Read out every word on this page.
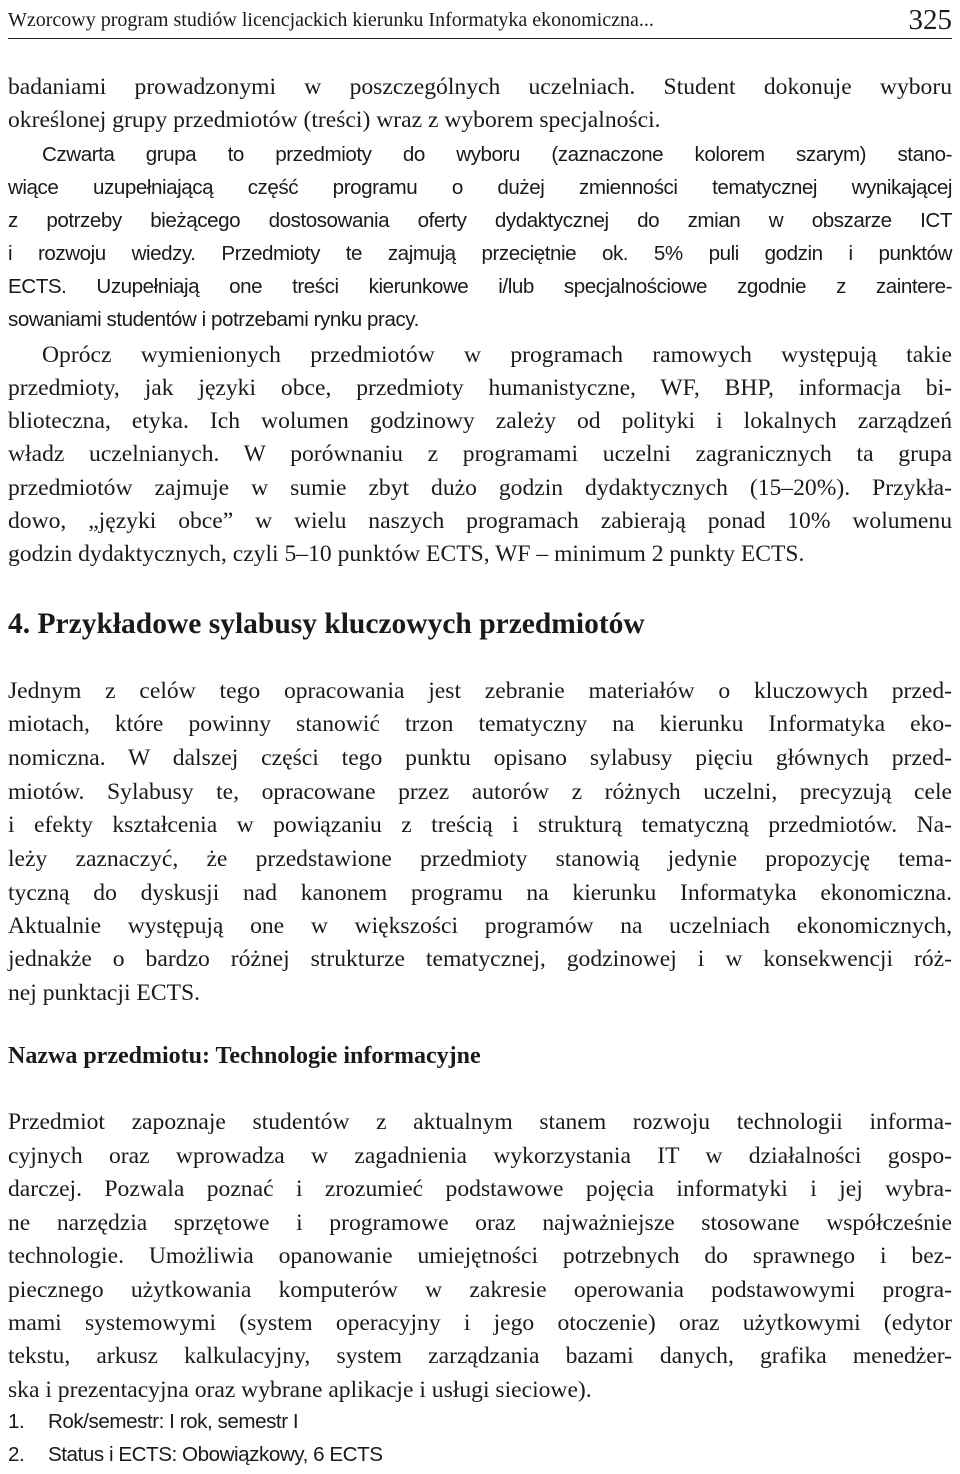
Wzorcowy program studiów licencjackich kierunku Informatyka ekonomiczna...	325
badaniami prowadzonymi w poszczególnych uczelniach. Student dokonuje wyboru
określonej grupy przedmiotów (treści) wraz z wyborem specjalności.
Czwarta grupa to przedmioty do wyboru (zaznaczone kolorem szarym) stano-
wiące uzupełniającą część programu o dużej zmienności tematycznej wynikającej
z potrzeby bieżącego dostosowania oferty dydaktycznej do zmian w obszarze ICT
i rozwoju wiedzy. Przedmioty te zajmują przeciętnie ok. 5% puli godzin i punktów
ECTS. Uzupełniają one treści kierunkowe i/lub specjalnościowe zgodnie z zaintere-
sowaniami studentów i potrzebami rynku pracy.
Oprócz wymienionych przedmiotów w programach ramowych występują takie
przedmioty, jak języki obce, przedmioty humanistyczne, WF, BHP, informacja bi-
blioteczna, etyka. Ich wolumen godzinowy zależy od polityki i lokalnych zarządzeń
władz uczelnianych. W porównaniu z programami uczelni zagranicznych ta grupa
przedmiotów zajmuje w sumie zbyt dużo godzin dydaktycznych (15–20%). Przykła-
dowo, „języki obce” w wielu naszych programach zabierają ponad 10% wolumenu
godzin dydaktycznych, czyli 5–10 punktów ECTS, WF – minimum 2 punkty ECTS.
4. Przykładowe sylabusy kluczowych przedmiotów
Jednym z celów tego opracowania jest zebranie materiałów o kluczowych przed-
miotach, które powinny stanowić trzon tematyczny na kierunku Informatyka eko-
nomiczna. W dalszej części tego punktu opisano sylabusy pięciu głównych przed-
miotów. Sylabusy te, opracowane przez autorów z różnych uczelni, precyzują cele
i efekty kształcenia w powiązaniu z treścią i strukturą tematyczną przedmiotów. Na-
leży zaznaczyć, że przedstawione przedmioty stanowią jedynie propozycję tema-
tyczną do dyskusji nad kanonem programu na kierunku Informatyka ekonomiczna.
Aktualnie występują one w większości programów na uczelniach ekonomicznych,
jednakże o bardzo różnej strukturze tematycznej, godzinowej i w konsekwencji róż-
nej punktacji ECTS.
Nazwa przedmiotu: Technologie informacyjne
Przedmiot zapoznaje studentów z aktualnym stanem rozwoju technologii informa-
cyjnych oraz wprowadza w zagadnienia wykorzystania IT w działalności gospo-
darczej. Pozwala poznać i zrozumieć podstawowe pojęcia informatyki i jej wybra-
ne narzędzia sprzętowe i programowe oraz najważniejsze stosowane współcześnie
technologie. Umożliwia opanowanie umiejętności potrzebnych do sprawnego i bez-
piecznego użytkowania komputerów w zakresie operowania podstawowymi progra-
mami systemowymi (system operacyjny i jego otoczenie) oraz użytkowymi (edytor
tekstu, arkusz kalkulacyjny, system zarządzania bazami danych, grafika menedżer-
ska i prezentacyjna oraz wybrane aplikacje i usługi sieciowe).
1. Rok/semestr: I rok, semestr I
2. Status i ECTS: Obowiązkowy, 6 ECTS
